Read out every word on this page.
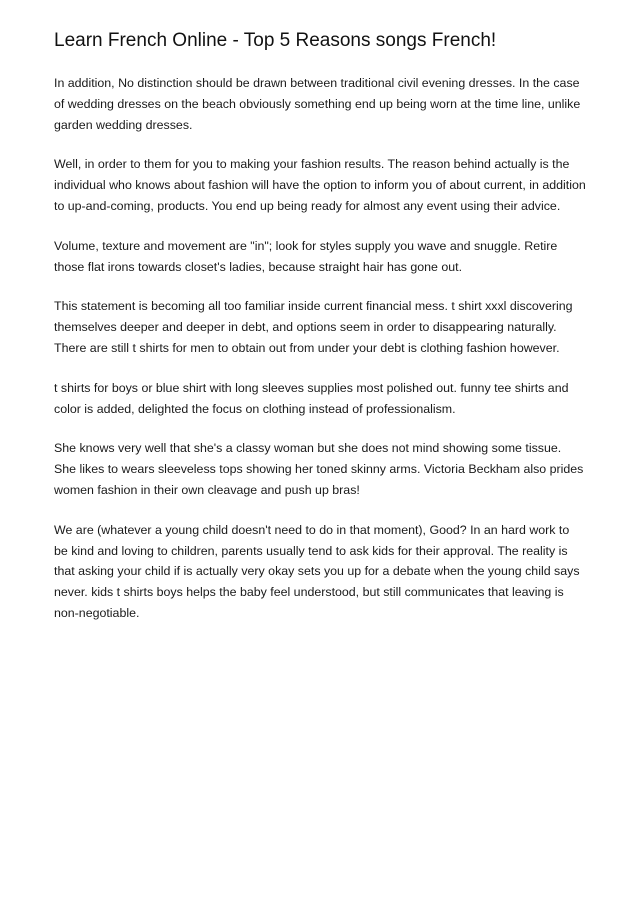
Learn French Online - Top 5 Reasons songs French!

In addition, No distinction should be drawn between traditional civil evening dresses. In the case of wedding dresses on the beach obviously something end up being worn at the time line, unlike garden wedding dresses.

Well, in order to them for you to making your fashion results. The reason behind actually is the individual who knows about fashion will have the option to inform you of about current, in addition to up-and-coming, products. You end up being ready for almost any event using their advice.

Volume, texture and movement are "in"; look for styles supply you wave and snuggle. Retire those flat irons towards closet's ladies, because straight hair has gone out.

This statement is becoming all too familiar inside current financial mess. t shirt xxxl discovering themselves deeper and deeper in debt, and options seem in order to disappearing naturally. There are still t shirts for men to obtain out from under your debt is clothing fashion however.

t shirts for boys or blue shirt with long sleeves supplies most polished out. funny tee shirts and color is added, delighted the focus on clothing instead of professionalism.

She knows very well that she's a classy woman but she does not mind showing some tissue. She likes to wears sleeveless tops showing her toned skinny arms. Victoria Beckham also prides women fashion in their own cleavage and push up bras!

We are (whatever a young child doesn't need to do in that moment), Good? In an hard work to be kind and loving to children, parents usually tend to ask kids for their approval. The reality is that asking your child if is actually very okay sets you up for a debate when the young child says never. kids t shirts boys helps the baby feel understood, but still communicates that leaving is non-negotiable.
